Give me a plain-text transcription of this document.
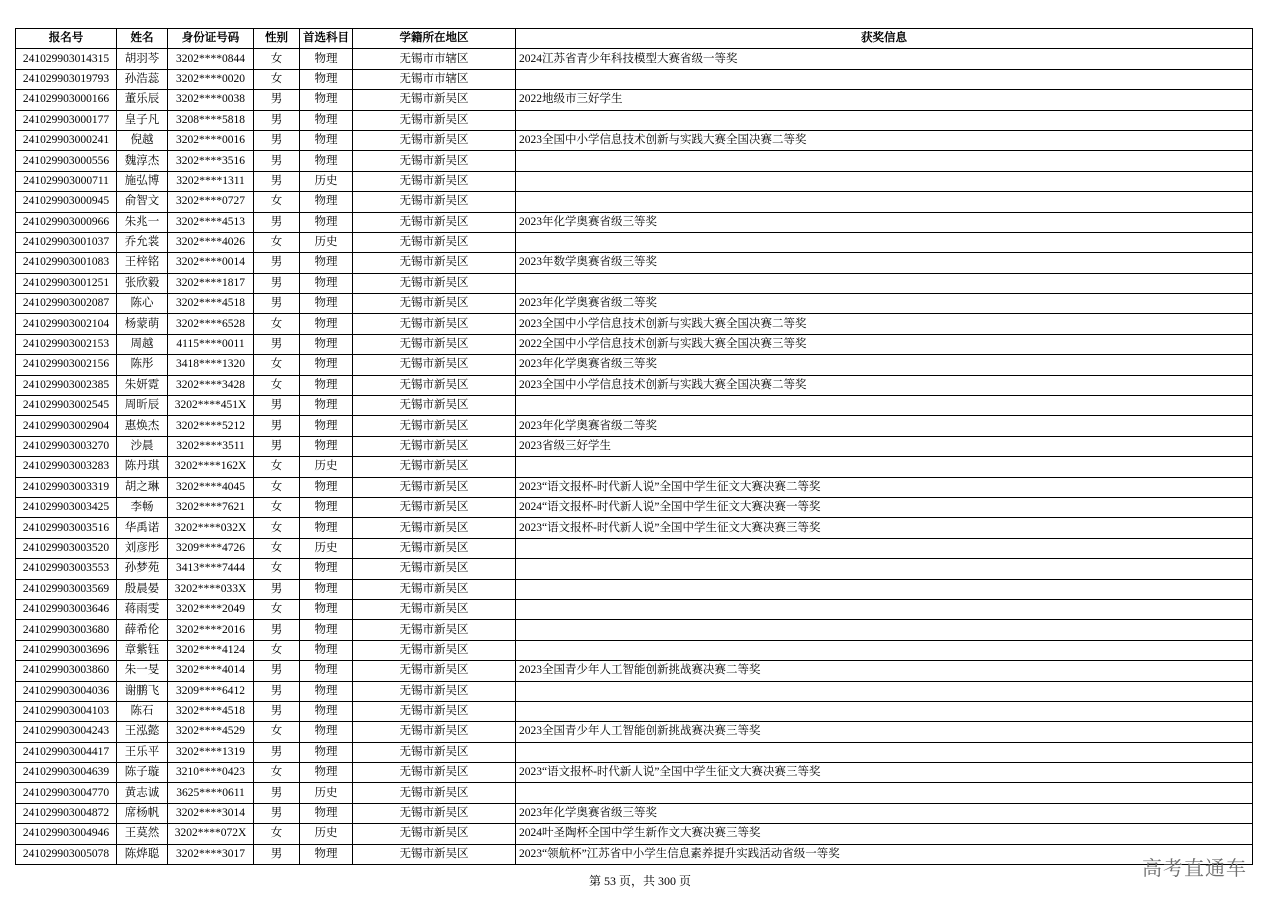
报名号	姓名	身份证号码	性别	首选科目	学籍所在地区	获奖信息
241029903014315	胡羽芩	3202****0844	女	物理	无锡市市辖区	2024江苏省青少年科技模型大赛省级一等奖
241029903019793	孙浩蕊	3202****0020	女	物理	无锡市市辖区	
241029903000166	董乐辰	3202****0038	男	物理	无锡市新吴区	2022地级市三好学生
241029903000177	皇子凡	3208****5818	男	物理	无锡市新吴区	
241029903000241	倪越	3202****0016	男	物理	无锡市新吴区	2023全国中小学信息技术创新与实践大赛全国决赛二等奖
241029903000556	魏淳杰	3202****3516	男	物理	无锡市新吴区	
241029903000711	施弘博	3202****1311	男	历史	无锡市新吴区	
241029903000945	俞智文	3202****0727	女	物理	无锡市新吴区	
241029903000966	朱兆一	3202****4513	男	物理	无锡市新吴区	2023年化学奥赛省级三等奖
241029903001037	乔允裳	3202****4026	女	历史	无锡市新吴区	
241029903001083	王梓铭	3202****0014	男	物理	无锡市新吴区	2023年数学奥赛省级三等奖
241029903001251	张欣毅	3202****1817	男	物理	无锡市新吴区	
241029903002087	陈心	3202****4518	男	物理	无锡市新吴区	2023年化学奥赛省级二等奖
241029903002104	杨蒙萌	3202****6528	女	物理	无锡市新吴区	2023全国中小学信息技术创新与实践大赛全国决赛二等奖
241029903002153	周越	4115****0011	男	物理	无锡市新吴区	2022全国中小学信息技术创新与实践大赛全国决赛三等奖
241029903002156	陈彤	3418****1320	女	物理	无锡市新吴区	2023年化学奥赛省级三等奖
241029903002385	朱妍霓	3202****3428	女	物理	无锡市新吴区	2023全国中小学信息技术创新与实践大赛全国决赛二等奖
241029903002545	周昕辰	3202****451X	男	物理	无锡市新吴区	
241029903002904	惠焕杰	3202****5212	男	物理	无锡市新吴区	2023年化学奥赛省级二等奖
241029903003270	沙晨	3202****3511	男	物理	无锡市新吴区	2023省级三好学生
241029903003283	陈丹琪	3202****162X	女	历史	无锡市新吴区	
241029903003319	胡之琳	3202****4045	女	物理	无锡市新吴区	2023“语文报杯-时代新人说”全国中学生征文大赛决赛二等奖
241029903003425	李畅	3202****7621	女	物理	无锡市新吴区	2024“语文报杯-时代新人说”全国中学生征文大赛决赛一等奖
241029903003516	华禹诺	3202****032X	女	物理	无锡市新吴区	2023“语文报杯-时代新人说”全国中学生征文大赛决赛三等奖
241029903003520	刘彦彤	3209****4726	女	历史	无锡市新吴区	
241029903003553	孙梦苑	3413****7444	女	物理	无锡市新吴区	
241029903003569	殷晨晏	3202****033X	男	物理	无锡市新吴区	
241029903003646	蒋雨雯	3202****2049	女	物理	无锡市新吴区	
241029903003680	薛希伦	3202****2016	男	物理	无锡市新吴区	
241029903003696	章紫钰	3202****4124	女	物理	无锡市新吴区	
241029903003860	朱一旻	3202****4014	男	物理	无锡市新吴区	2023全国青少年人工智能创新挑战赛决赛二等奖
241029903004036	谢鹏飞	3209****6412	男	物理	无锡市新吴区	
241029903004103	陈石	3202****4518	男	物理	无锡市新吴区	
241029903004243	王泓懿	3202****4529	女	物理	无锡市新吴区	2023全国青少年人工智能创新挑战赛决赛三等奖
241029903004417	王乐平	3202****1319	男	物理	无锡市新吴区	
241029903004639	陈子璇	3210****0423	女	物理	无锡市新吴区	2023“语文报杯-时代新人说”全国中学生征文大赛决赛三等奖
241029903004770	黄志诚	3625****0611	男	历史	无锡市新吴区	
241029903004872	席杨帆	3202****3014	男	物理	无锡市新吴区	2023年化学奥赛省级三等奖
241029903004946	王莫然	3202****072X	女	历史	无锡市新吴区	2024叶圣陶杯全国中学生新作文大赛决赛三等奖
241029903005078	陈烨聪	3202****3017	男	物理	无锡市新吴区	2023“领航杯”江苏省中小学生信息素养提升实践活动省级一等奖
第 53 页，共 300 页
高考直通车
